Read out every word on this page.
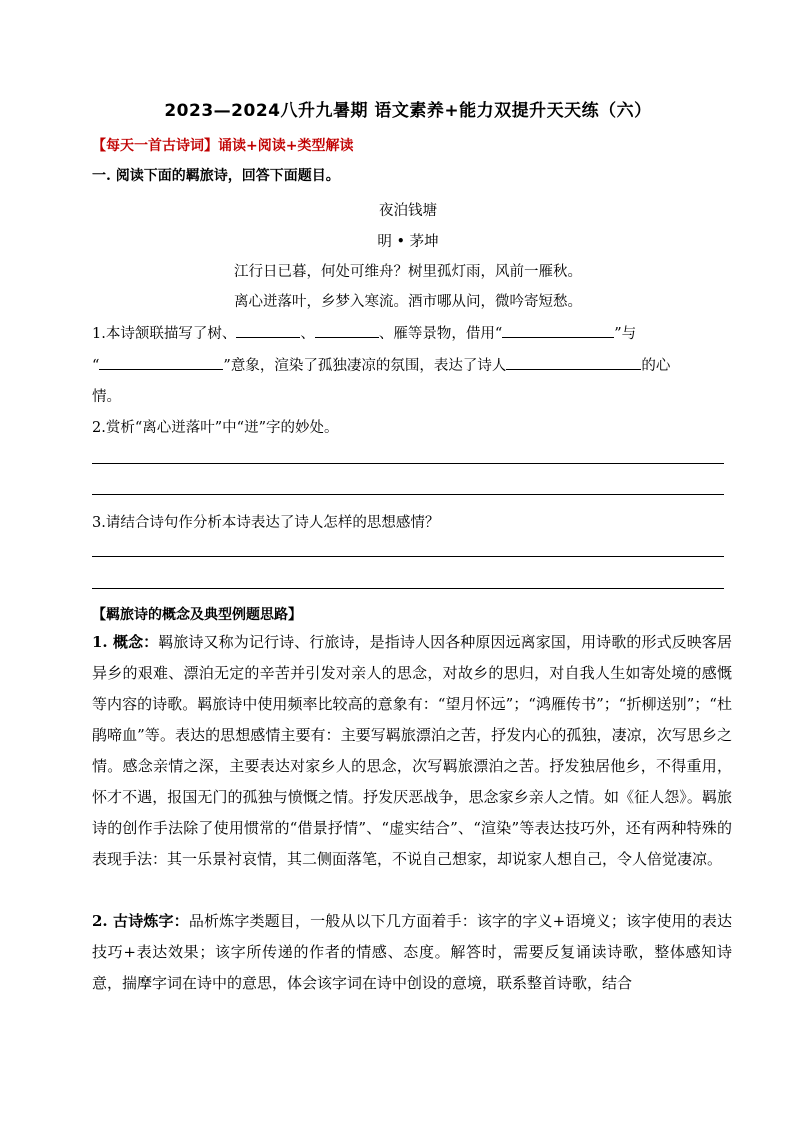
2023—2024八升九暑期 语文素养+能力双提升天天练（六）
【每天一首古诗词】诵读+阅读+类型解读
一. 阅读下面的羁旅诗，回答下面题目。
夜泊钱塘
明 • 茅坤
江行日已暮，何处可维舟？树里孤灯雨，风前一雁秋。
离心迸落叶，乡梦入寒流。酒市哪从问，微吟寄短愁。
1.本诗颔联描写了树、	、	、雁等景物，借用“	”与
“	”意象，渲染了孤独凄凉的氛围，表达了诗人	的心
情。
2.赏析“离心迸落叶”中“迸”字的妙处。
3.请结合诗句作分析本诗表达了诗人怎样的思想感情？
【羁旅诗的概念及典型例题思路】
1. 概念：羁旅诗又称为记行诗、行旅诗，是指诗人因各种原因远离家国，用诗歌的形式反映客居异乡的艰难、漂泊无定的辛苦并引发对亲人的思念，对故乡的思归，对自我人生如寄处境的感慨等内容的诗歌。羁旅诗中使用频率比较高的意象有：“望月怀远”；“鸿雁传书”；“折柳送别”；“杜鹃啼血”等。表达的思想感情主要有：主要写羁旅漂泊之苦，抒发内心的孤独，凄凉，次写思乡之情。感念亲情之深，主要表达对家乡人的思念，次写羁旅漂泊之苦。抒发独居他乡，不得重用，怀才不遇，报国无门的孤独与愤慨之情。抒发厌恶战争，思念家乡亲人之情。如《征人怨》。羁旅诗的创作手法除了使用惯常的“借景抒情”、“虚实结合”、“渲染”等表达技巧外，还有两种特殊的表现手法：其一乐景衬哀情，其二侧面落笔，不说自己想家，却说家人想自己，令人倍觉凄凉。
2. 古诗炼字：品析炼字类题目，一般从以下几方面着手：该字的字义+语境义；该字使用的表达技巧+表达效果；该字所传递的作者的情感、态度。解答时，需要反复诵读诗歌，整体感知诗意，揣摩字词在诗中的意思，体会该字词在诗中创设的意境，联系整首诗歌，结合
